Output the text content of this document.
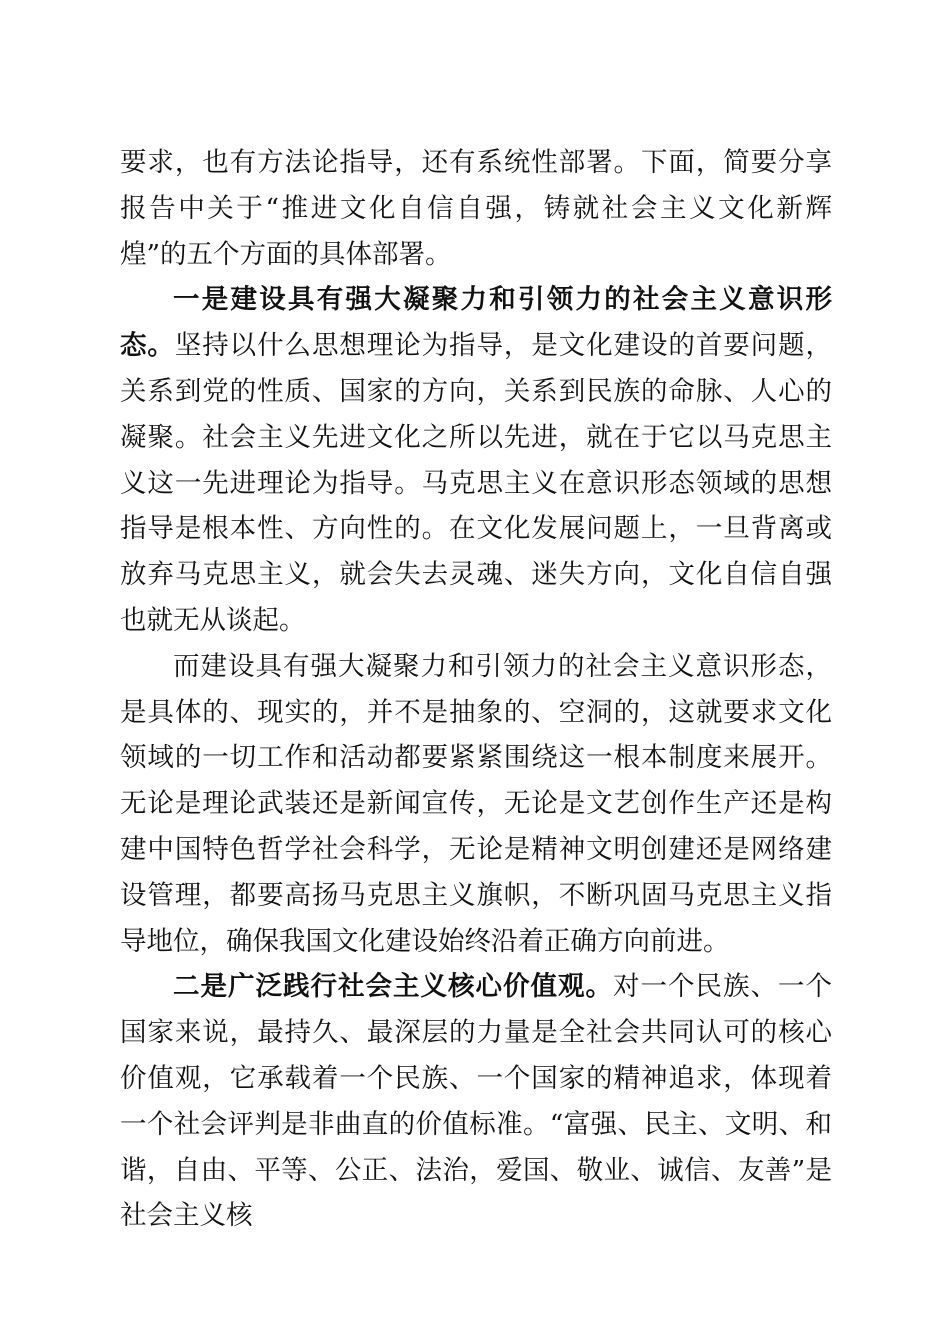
要求，也有方法论指导，还有系统性部署。下面，简要分享报告中关于“推进文化自信自强，铸就社会主义文化新辉煌”的五个方面的具体部署。

一是建设具有强大凝聚力和引领力的社会主义意识形态。坚持以什么思想理论为指导，是文化建设的首要问题，关系到党的性质、国家的方向，关系到民族的命脉、人心的凝聚。社会主义先进文化之所以先进，就在于它以马克思主义这一先进理论为指导。马克思主义在意识形态领域的思想指导是根本性、方向性的。在文化发展问题上，一旦背离或放弃马克思主义，就会失去灵魂、迷失方向，文化自信自强也就无从谈起。

而建设具有强大凝聚力和引领力的社会主义意识形态，是具体的、现实的，并不是抽象的、空洞的，这就要求文化领域的一切工作和活动都要紧紧围绕这一根本制度来展开。无论是理论武装还是新闻宣传，无论是文艺创作生产还是构建中国特色哲学社会科学，无论是精神文明创建还是网络建设管理，都要高扬马克思主义旗帜，不断巩固马克思主义指导地位，确保我国文化建设始终沿着正确方向前进。

二是广泛践行社会主义核心价值观。对一个民族、一个国家来说，最持久、最深层的力量是全社会共同认可的核心价值观，它承载着一个民族、一个国家的精神追求，体现着一个社会评判是非曲直的价值标准。“富强、民主、文明、和谐，自由、平等、公正、法治，爱国、敬业、诚信、友善”是社会主义核
